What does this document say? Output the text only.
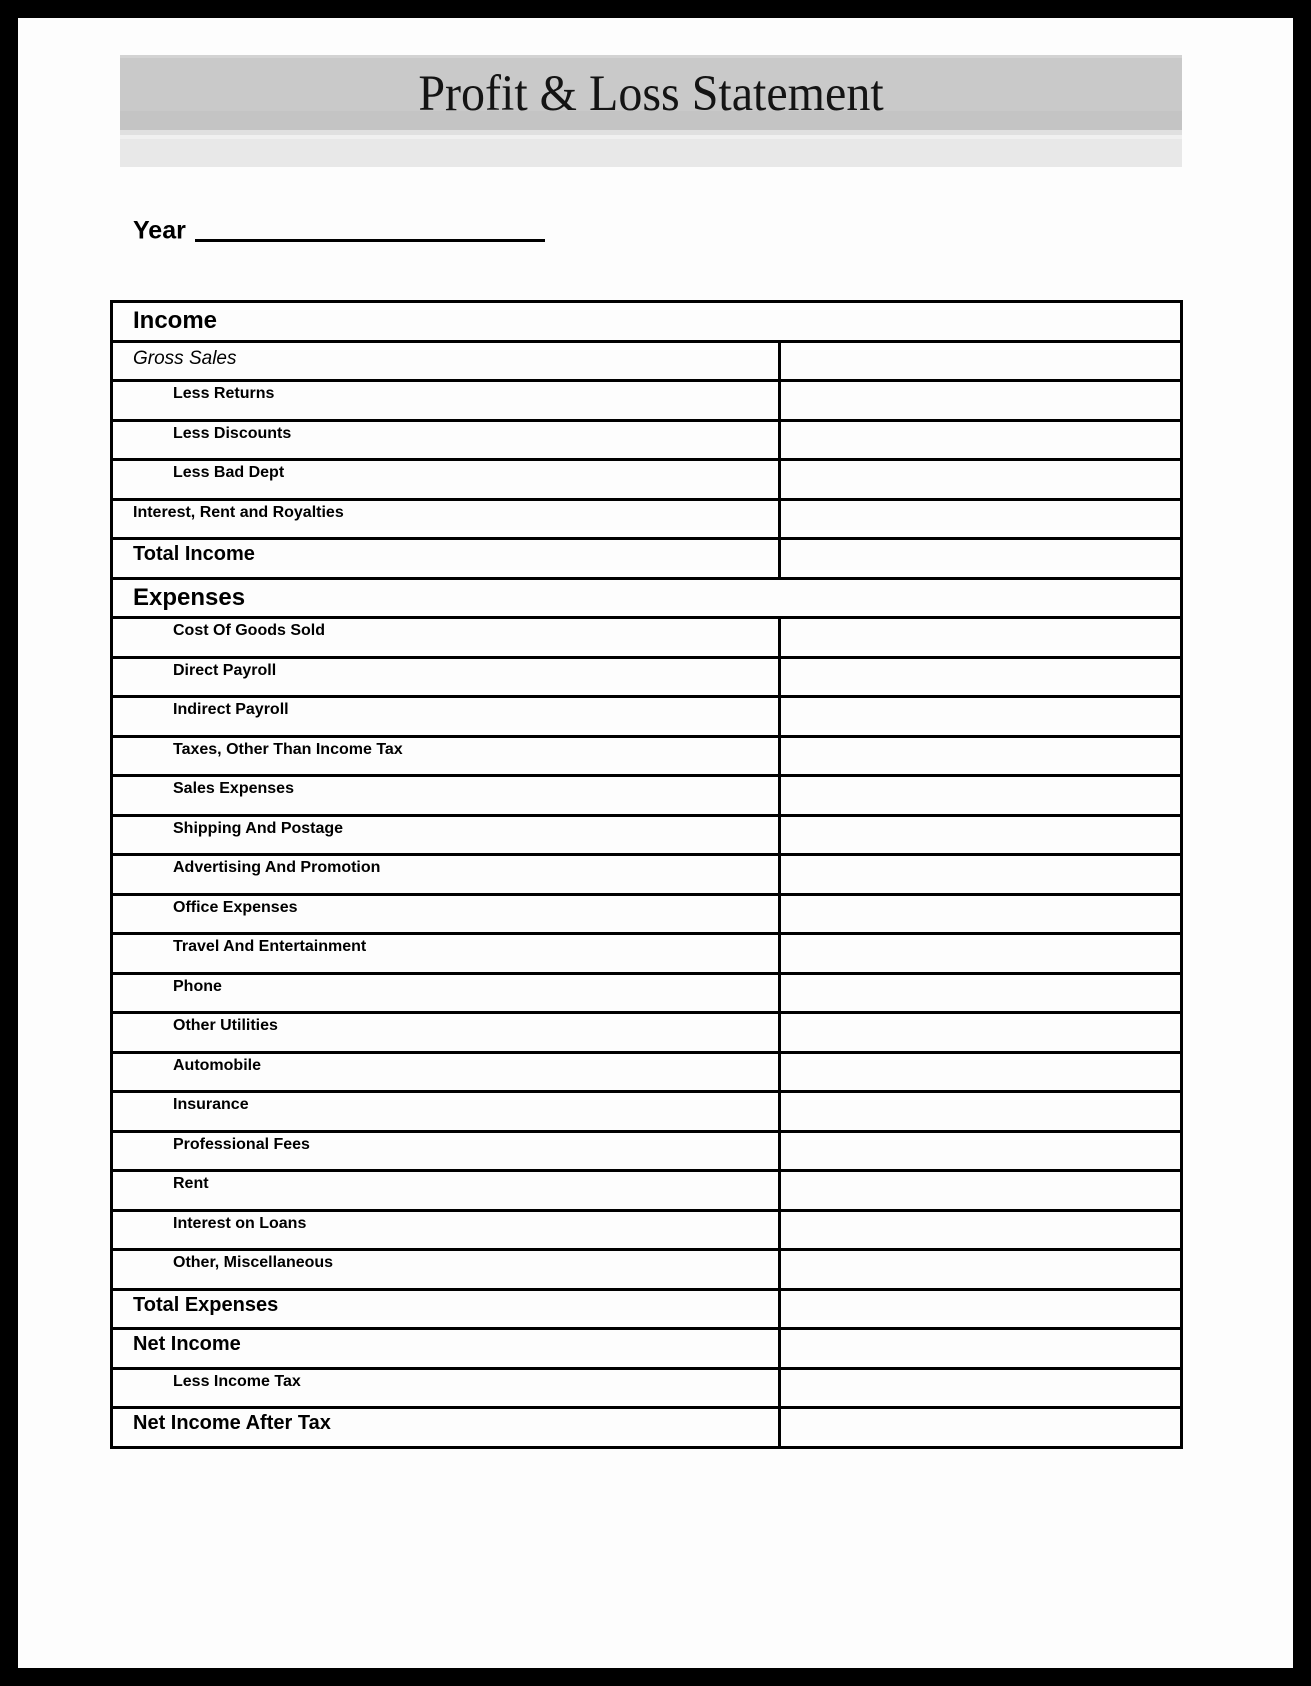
Profit & Loss Statement
Year
Income	
Gross Sales	
Less Returns	
Less Discounts	
Less Bad Dept	
Interest, Rent and Royalties	
Total Income	
Expenses	
Cost Of Goods Sold	
Direct Payroll	
Indirect Payroll	
Taxes, Other Than Income Tax	
Sales Expenses	
Shipping And Postage	
Advertising And Promotion	
Office Expenses	
Travel And Entertainment	
Phone	
Other Utilities	
Automobile	
Insurance	
Professional Fees	
Rent	
Interest on Loans	
Other, Miscellaneous	
Total Expenses	
Net Income	
Less Income Tax	
Net Income After Tax	
